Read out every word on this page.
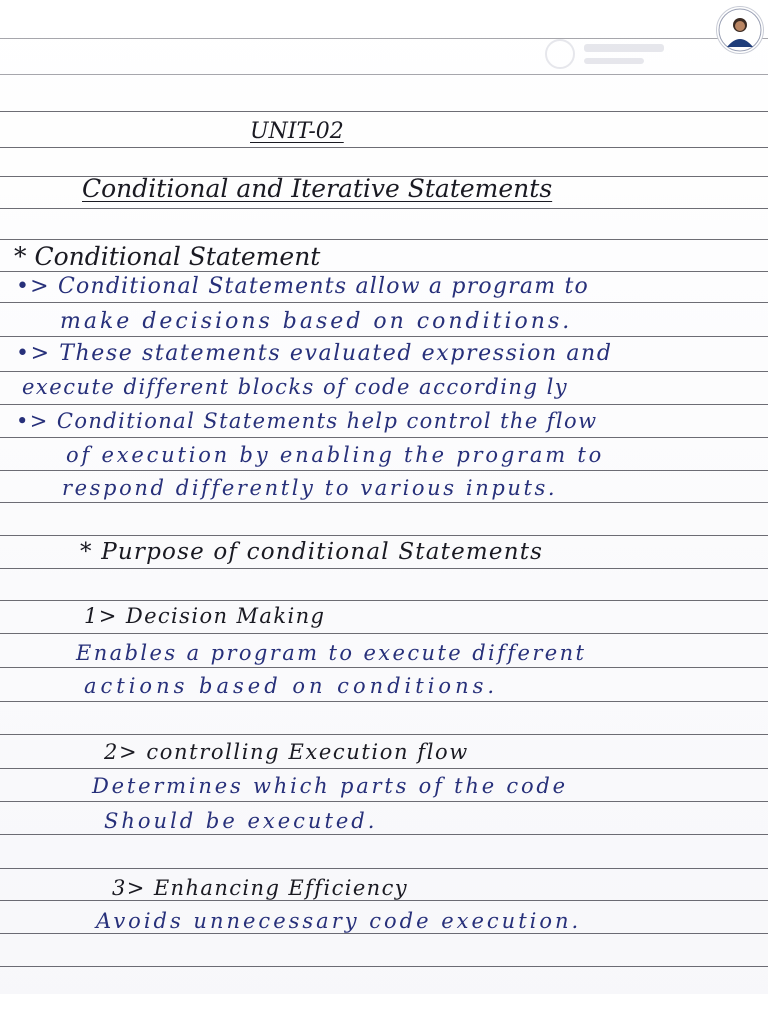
UNIT-02
Conditional and Iterative Statements
* Conditional Statement
•> Conditional Statements allow a program to
make decisions based on conditions.
•> These statements evaluated expression and
execute different blocks of code according ly
•> Conditional Statements help control the flow
of execution by enabling the program to
respond differently to various inputs.
* Purpose of conditional Statements
1> Decision Making
Enables a program to execute different
actions based on conditions.
2> controlling Execution flow
Determines which parts of the code
Should be executed.
3> Enhancing Efficiency
Avoids unnecessary code execution.
